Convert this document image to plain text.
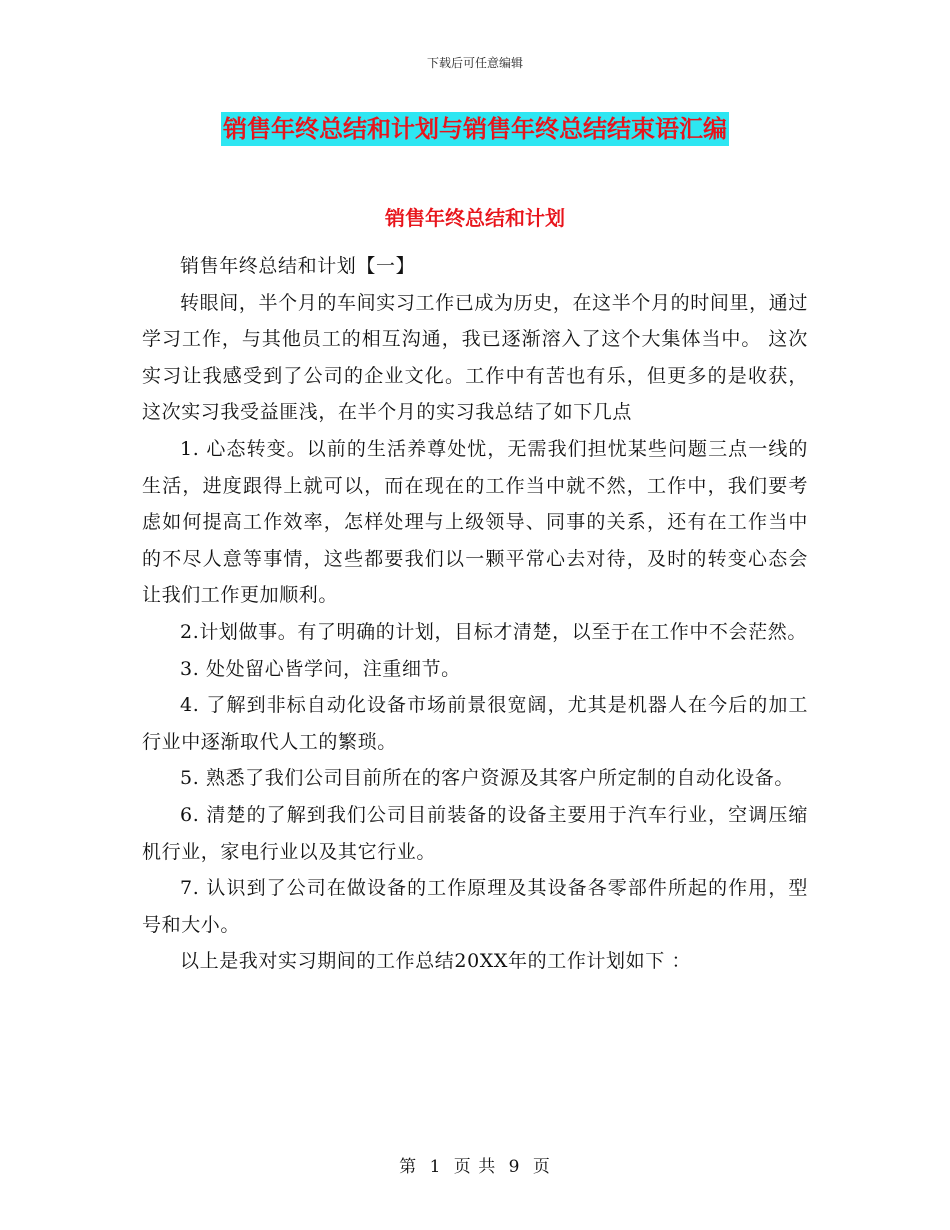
下载后可任意编辑
销售年终总结和计划与销售年终总结结束语汇编
销售年终总结和计划

销售年终总结和计划【一】

转眼间，半个月的车间实习工作已成为历史，在这半个月的时间里，通过学习工作，与其他员工的相互沟通，我已逐渐溶入了这个大集体当中。 这次实习让我感受到了公司的企业文化。工作中有苦也有乐，但更多的是收获，这次实习我受益匪浅，在半个月的实习我总结了如下几点

1. 心态转变。以前的生活养尊处忧，无需我们担忧某些问题三点一线的生活，进度跟得上就可以，而在现在的工作当中就不然，工作中，我们要考虑如何提高工作效率，怎样处理与上级领导、同事的关系，还有在工作当中的不尽人意等事情，这些都要我们以一颗平常心去对待，及时的转变心态会让我们工作更加顺利。

2.计划做事。有了明确的计划，目标才清楚，以至于在工作中不会茫然。

3. 处处留心皆学问，注重细节。

4. 了解到非标自动化设备市场前景很宽阔，尤其是机器人在今后的加工行业中逐渐取代人工的繁琐。

5. 熟悉了我们公司目前所在的客户资源及其客户所定制的自动化设备。

6. 清楚的了解到我们公司目前装备的设备主要用于汽车行业，空调压缩机行业，家电行业以及其它行业。

7. 认识到了公司在做设备的工作原理及其设备各零部件所起的作用，型号和大小。

以上是我对实习期间的工作总结20XX年的工作计划如下 ：

第 1 页 共 9 页
